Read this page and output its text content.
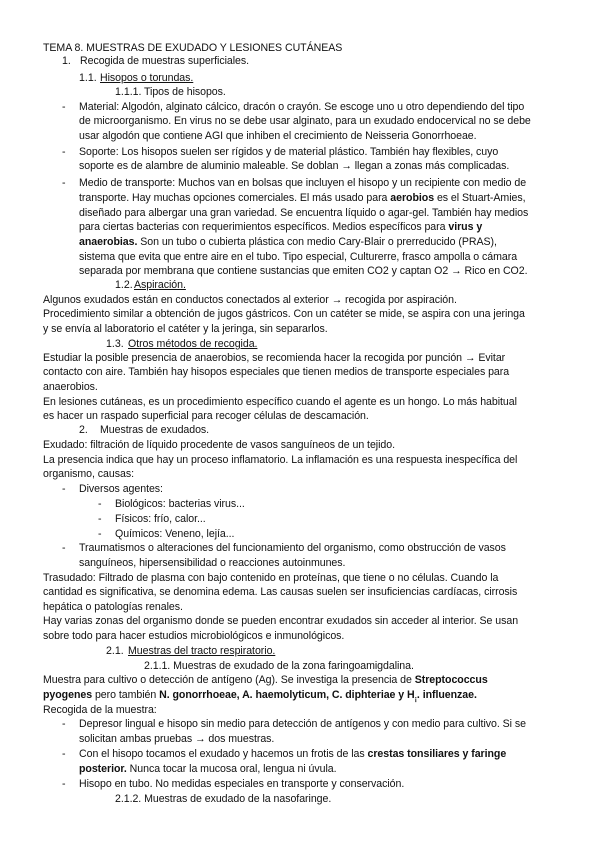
TEMA 8. MUESTRAS DE EXUDADO Y LESIONES CUTÁNEAS
1. Recogida de muestras superficiales.
1.1. Hisopos o torundas.
1.1.1. Tipos de hisopos.
- Material: Algodón, alginato cálcico, dracón o crayón. Se escoge uno u otro dependiendo del tipo
de microorganismo. En virus no se debe usar alginato, para un exudado endocervical no se debe
usar algodón que contiene AGI que inhiben el crecimiento de Neisseria Gonorrhoeae.
- Soporte: Los hisopos suelen ser rígidos y de material plástico. También hay flexibles, cuyo
soporte es de alambre de aluminio maleable. Se doblan → llegan a zonas más complicadas.
- Medio de transporte: Muchos van en bolsas que incluyen el hisopo y un recipiente con medio de
transporte. Hay muchas opciones comerciales. El más usado para aerobios es el Stuart-Amies,
diseñado para albergar una gran variedad. Se encuentra líquido o agar-gel. También hay medios
para ciertas bacterias con requerimientos específicos. Medios específicos para virus y
anaerobias. Son un tubo o cubierta plástica con medio Cary-Blair o prerreducido (PRAS),
sistema que evita que entre aire en el tubo. Tipo especial, Culturerre, frasco ampolla o cámara
separada por membrana que contiene sustancias que emiten CO2 y captan O2 → Rico en CO2.
1.2. Aspiración.
Algunos exudados están en conductos conectados al exterior → recogida por aspiración.
Procedimiento similar a obtención de jugos gástricos. Con un catéter se mide, se aspira con una jeringa
y se envía al laboratorio el catéter y la jeringa, sin separarlos.
1.3. Otros métodos de recogida.
Estudiar la posible presencia de anaerobios, se recomienda hacer la recogida por punción → Evitar
contacto con aire. También hay hisopos especiales que tienen medios de transporte especiales para
anaerobios.
En lesiones cutáneas, es un procedimiento específico cuando el agente es un hongo. Lo más habitual
es hacer un raspado superficial para recoger células de descamación.
2. Muestras de exudados.
Exudado: filtración de líquido procedente de vasos sanguíneos de un tejido.
La presencia indica que hay un proceso inflamatorio. La inflamación es una respuesta inespecífica del
organismo, causas:
- Diversos agentes:
- Biológicos: bacterias virus...
- Físicos: frío, calor...
- Químicos: Veneno, lejía...
- Traumatismos o alteraciones del funcionamiento del organismo, como obstrucción de vasos
sanguíneos, hipersensibilidad o reacciones autoinmunes.
Trasudado: Filtrado de plasma con bajo contenido en proteínas, que tiene o no células. Cuando la
cantidad es significativa, se denomina edema. Las causas suelen ser insuficiencias cardíacas, cirrosis
hepática o patologías renales.
Hay varias zonas del organismo donde se pueden encontrar exudados sin acceder al interior. Se usan
sobre todo para hacer estudios microbiológicos e inmunológicos.
2.1. Muestras del tracto respiratorio.
2.1.1. Muestras de exudado de la zona faringoamigdalina.
Muestra para cultivo o detección de antígeno (Ag). Se investiga la presencia de Streptococcus
pyogenes pero también N. gonorrhoeae, A. haemolyticum, C. diphteriae y $H_¡$. influenzae.
Recogida de la muestra:
- Depresor lingual e hisopo sin medio para detección de antígenos y con medio para cultivo. Si se
solicitan ambas pruebas → dos muestras.
- Con el hisopo tocamos el exudado y hacemos un frotis de las crestas tonsiliares y faringe
posterior. Nunca tocar la mucosa oral, lengua ni úvula.
- Hisopo en tubo. No medidas especiales en transporte y conservación.
2.1.2. Muestras de exudado de la nasofaringe.
